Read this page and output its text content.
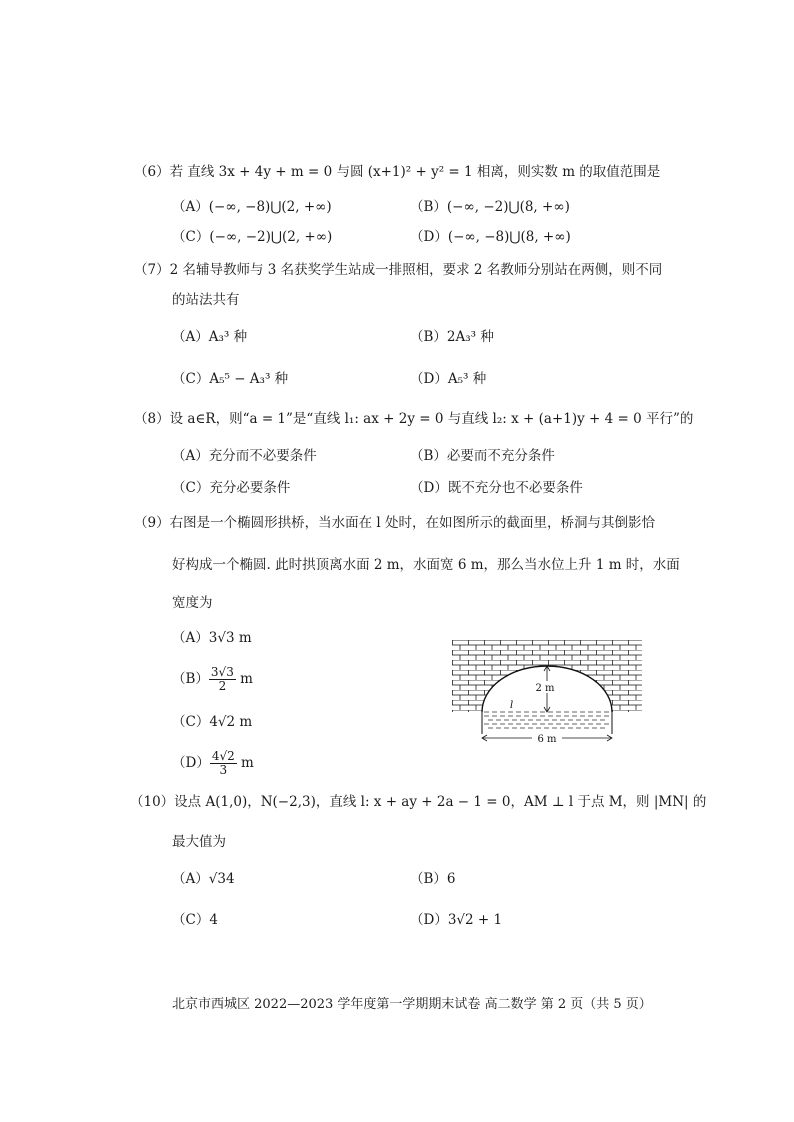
（6）若 直线 3x + 4y + m = 0 与圆 (x+1)² + y² = 1 相离，则实数 m 的取值范围是
（A）(−∞, −8)⋃(2, +∞)	（B）(−∞, −2)⋃(8, +∞)
（C）(−∞, −2)⋃(2, +∞)	（D）(−∞, −8)⋃(8, +∞)
（7）2 名辅导教师与 3 名获奖学生站成一排照相，要求 2 名教师分别站在两侧，则不同
的站法共有
（A）A₃³ 种	（B）2A₃³ 种
（C）A₅⁵ − A₃³ 种	（D）A₅³ 种
（8）设 a∈R，则“a = 1”是“直线 l₁: ax + 2y = 0 与直线 l₂: x + (a+1)y + 4 = 0 平行”的
（A）充分而不必要条件	（B）必要而不充分条件
（C）充分必要条件	（D）既不充分也不必要条件
（9）右图是一个椭圆形拱桥，当水面在 l 处时，在如图所示的截面里，桥洞与其倒影恰
好构成一个椭圆. 此时拱顶离水面 2 m，水面宽 6 m，那么当水位上升 1 m 时，水面
宽度为
（A）3√3 m
$(B) \frac{3√3}{2}$ m
（C）4√2 m
$(D) \frac{4√2}{3}$ m
2 m
l
6 m
（10）设点 A(1,0)，N(−2,3)，直线 l: x + ay + 2a − 1 = 0，AM ⊥ l 于点 M，则 |MN| 的
最大值为
（A）√34	（B）6
（C）4	（D）3√2 + 1
北京市西城区 2022—2023 学年度第一学期期末试卷 高二数学 第 2 页（共 5 页）
